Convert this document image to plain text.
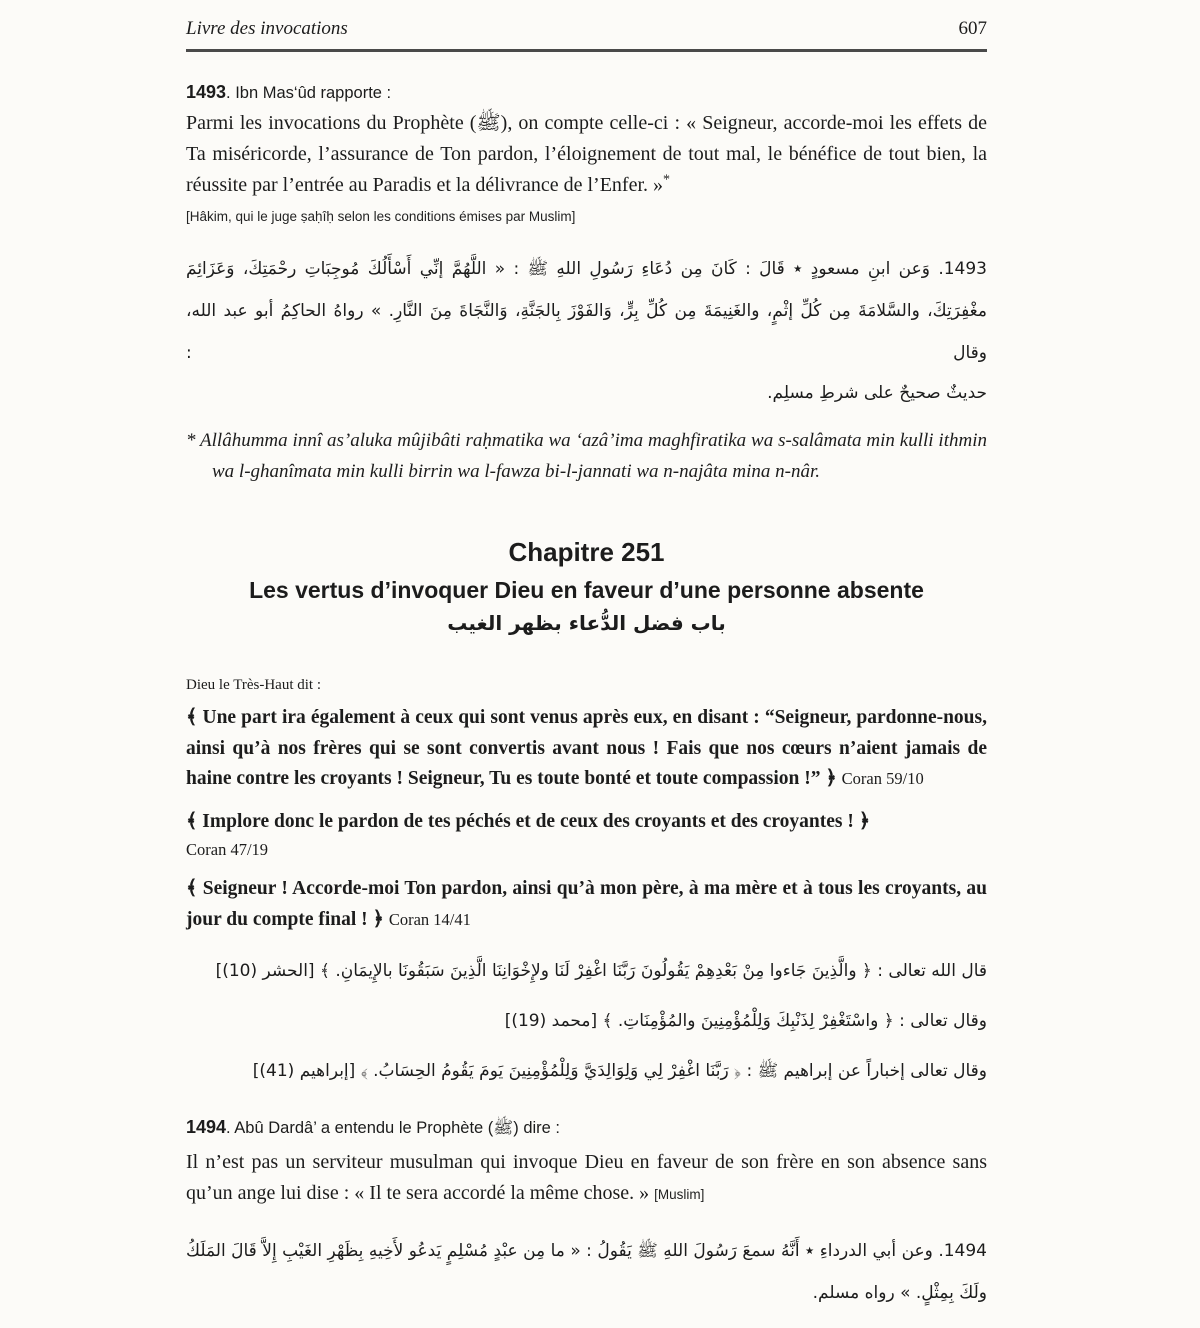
Livre des invocations	607
1493. Ibn Mas‘ûd rapporte :
Parmi les invocations du Prophète (ﷺ), on compte celle-ci : « Seigneur, accorde-moi les effets de Ta miséricorde, l’assurance de Ton pardon, l’éloignement de tout mal, le bénéfice de tout bien, la réussite par l’entrée au Paradis et la délivrance de l’Enfer. »*
[Hâkim, qui le juge ṣaḥîḥ selon les conditions émises par Muslim]
1493. وَعن ابنِ مسعودٍ ٭ قَالَ : كَانَ مِن دُعَاءِ رَسُولِ اللهِ ﷺ : « اللَّهُمَّ إنِّي أَسْأَلُكَ مُوجِبَاتِ رحْمَتِكَ، وَعَزَائِمَ مغْفِرَتِكَ، والسَّلامَةَ مِن كُلِّ إثْمٍ، والغَنِيمَةَ مِن كُلِّ بِرٍّ، وَالفَوْزَ بِالجَنَّةِ، وَالنَّجَاةَ مِنَ النَّارِ. » رواهُ الحاكِمُ أبو عبد الله، وقال :
حديثٌ صحيحٌ على شرطِ مسلِم.
* Allâhumma innî as’aluka mûjibâti raḥmatika wa ‘azâ’ima maghfiratika wa s-salâmata min kulli ithmin wa l-ghanîmata min kulli birrin wa l-fawza bi-l-jannati wa n-najâta mina n-nâr.
Chapitre 251
Les vertus d’invoquer Dieu en faveur d’une personne absente
باب فضل الدُّعاء بظهر الغيب
Dieu le Très-Haut dit :
﴾ Une part ira également à ceux qui sont venus après eux, en disant : “Seigneur, pardonne-nous, ainsi qu’à nos frères qui se sont convertis avant nous ! Fais que nos cœurs n’aient jamais de haine contre les croyants ! Seigneur, Tu es toute bonté et toute compassion !” ﴿ Coran 59/10
﴾ Implore donc le pardon de tes péchés et de ceux des croyants et des croyantes ! ﴿
Coran 47/19
﴾ Seigneur ! Accorde-moi Ton pardon, ainsi qu’à mon père, à ma mère et à tous les croyants, au jour du compte final ! ﴿ Coran 14/41
قال الله تعالى : ﴿ والَّذِينَ جَاءوا مِنْ بَعْدِهِمْ يَقُولُونَ رَبَّنَا اغْفِرْ لَنَا ولإِخْوَانِنَا الَّذِينَ سَبَقُونَا بالإِيمَانِ. ﴾ [الحشر (10)]
وقال تعالى : ﴿ واسْتَغْفِرْ لِذَنْبِكَ وَلِلْمُؤْمِنِينَ والمُؤْمِنَاتِ. ﴾ [محمد (19)]
وقال تعالى إخباراً عن إبراهيم ﷺ : ﴿ رَبَّنَا اغْفِرْ لِي وَلِوَالِدَيَّ وَلِلْمُؤْمِنِينَ يَومَ يَقُومُ الحِسَابُ. ﴾ [إبراهيم (41)]
1494. Abû Dardâ’ a entendu le Prophète (ﷺ) dire :
Il n’est pas un serviteur musulman qui invoque Dieu en faveur de son frère en son absence sans qu’un ange lui dise : « Il te sera accordé la même chose. » [Muslim]
1494. وعن أبي الدرداءِ ٭ أَنَّهُ سمعَ رَسُولَ اللهِ ﷺ يَقُولُ : « ما مِن عبْدٍ مُسْلِمٍ يَدعُو لأَخِيهِ بِظَهْرِ الغَيْبِ إِلاَّ قَالَ المَلَكُ ولَكَ بِمِثْلٍ. » رواه مسلم.
